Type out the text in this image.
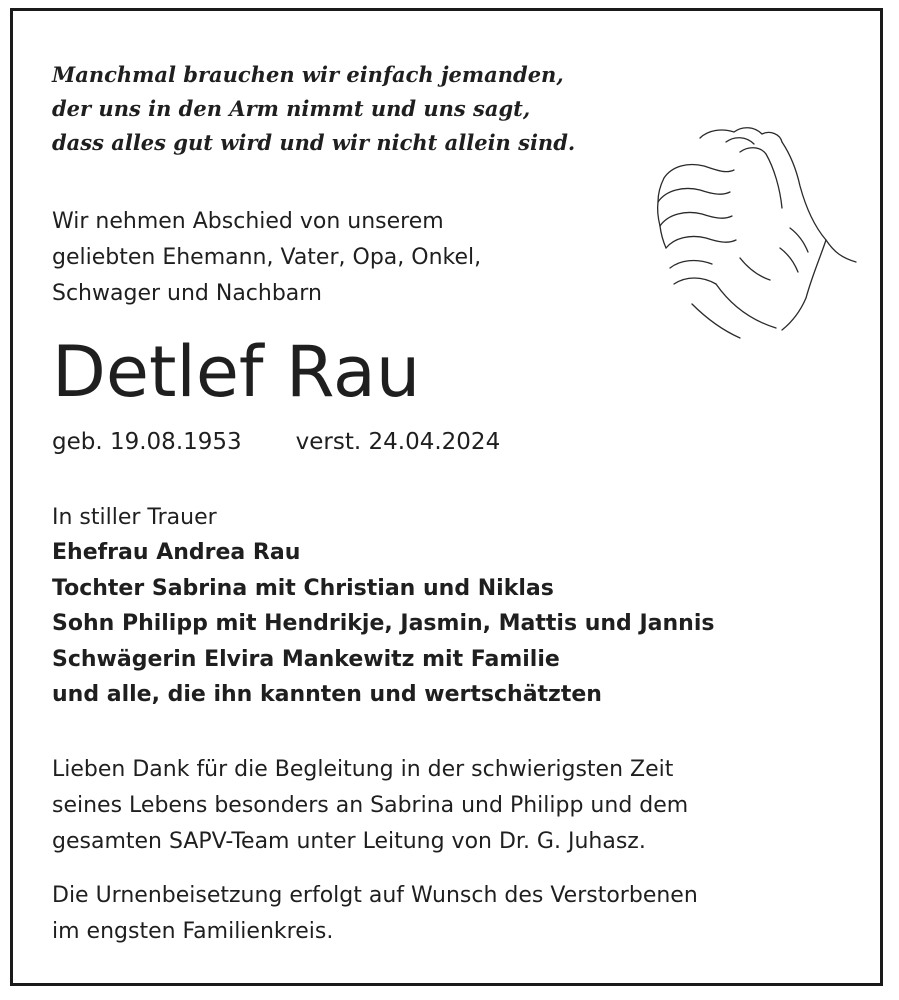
Manchmal brauchen wir einfach jemanden,
der uns in den Arm nimmt und uns sagt,
dass alles gut wird und wir nicht allein sind.
Wir nehmen Abschied von unserem
geliebten Ehemann, Vater, Opa, Onkel,
Schwager und Nachbarn
Detlef Rau
geb. 19.08.1953 verst. 24.04.2024
In stiller Trauer
Ehefrau Andrea Rau
Tochter Sabrina mit Christian und Niklas
Sohn Philipp mit Hendrikje, Jasmin, Mattis und Jannis
Schwägerin Elvira Mankewitz mit Familie
und alle, die ihn kannten und wertschätzten
Lieben Dank für die Begleitung in der schwierigsten Zeit
seines Lebens besonders an Sabrina und Philipp und dem
gesamten SAPV-Team unter Leitung von Dr. G. Juhasz.
Die Urnenbeisetzung erfolgt auf Wunsch des Verstorbenen
im engsten Familienkreis.
